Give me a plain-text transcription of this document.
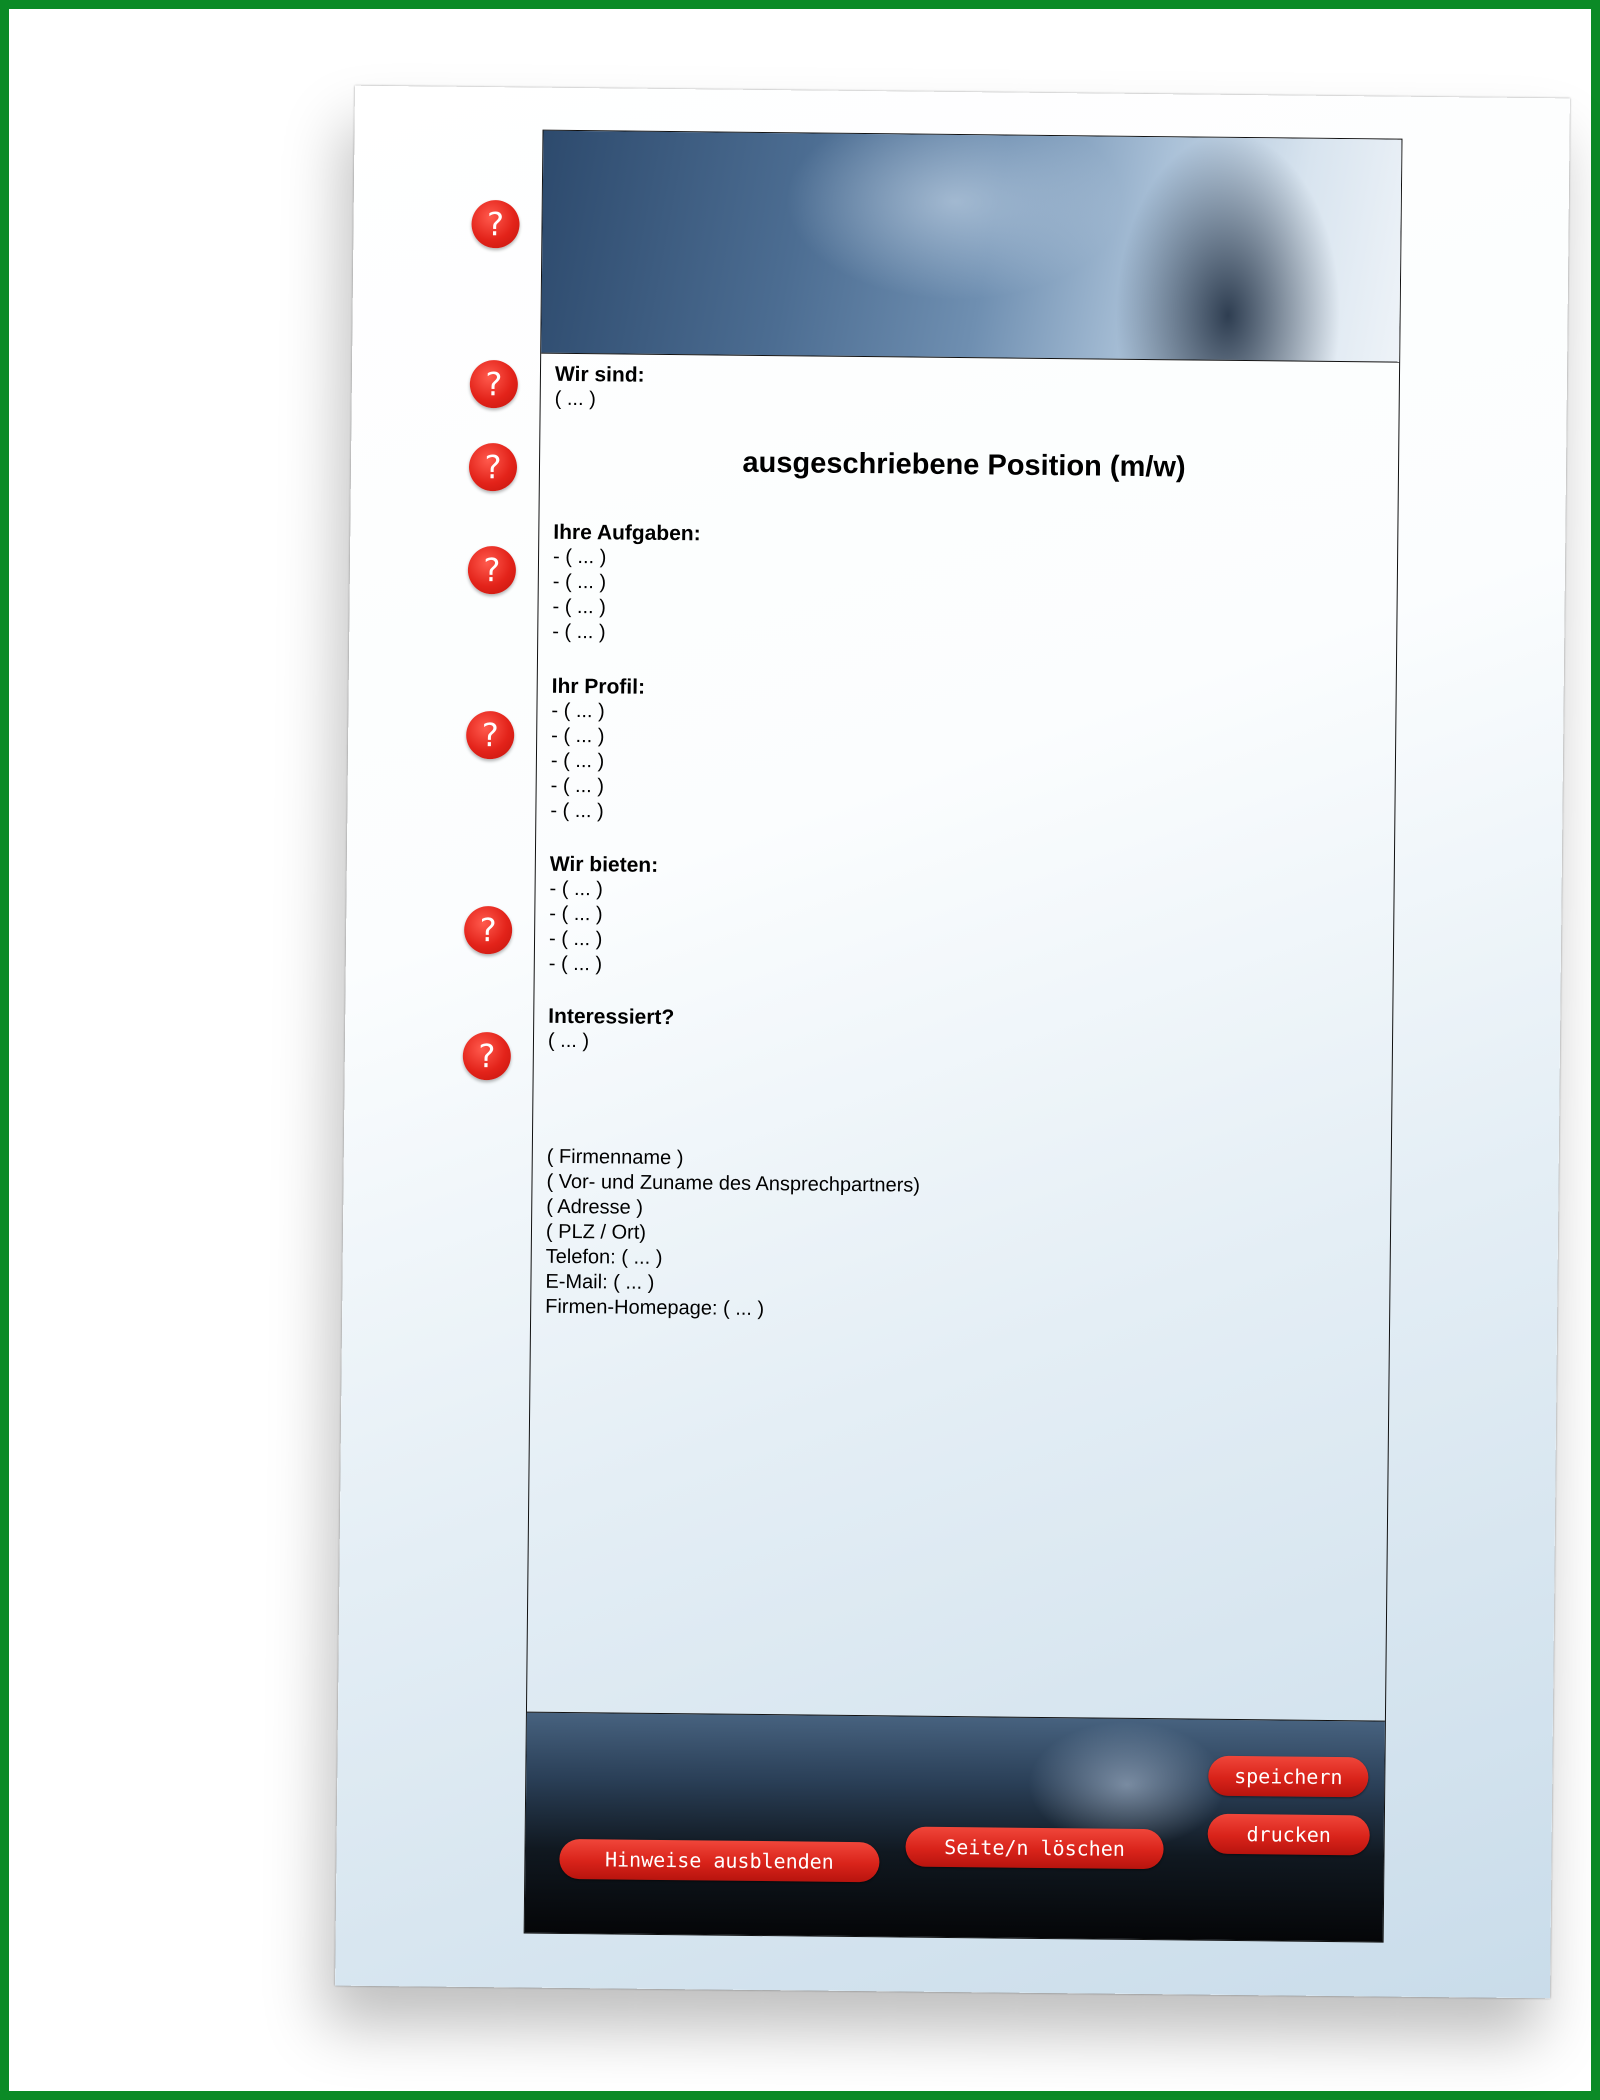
?
?
?
?
?
?
?
Wir sind:
( ... )
ausgeschriebene Position (m/w)
Ihre Aufgaben:
- ( ... )
- ( ... )
- ( ... )
- ( ... )
Ihr Profil:
- ( ... )
- ( ... )
- ( ... )
- ( ... )
- ( ... )
Wir bieten:
- ( ... )
- ( ... )
- ( ... )
- ( ... )
Interessiert?
( ... )
( Firmenname )
( Vor- und Zuname des Ansprechpartners)
( Adresse )
( PLZ / Ort)
Telefon: ( ... )
E-Mail: ( ... )
Firmen-Homepage: ( ... )
speichern
drucken
Seite/n löschen
Hinweise ausblenden
